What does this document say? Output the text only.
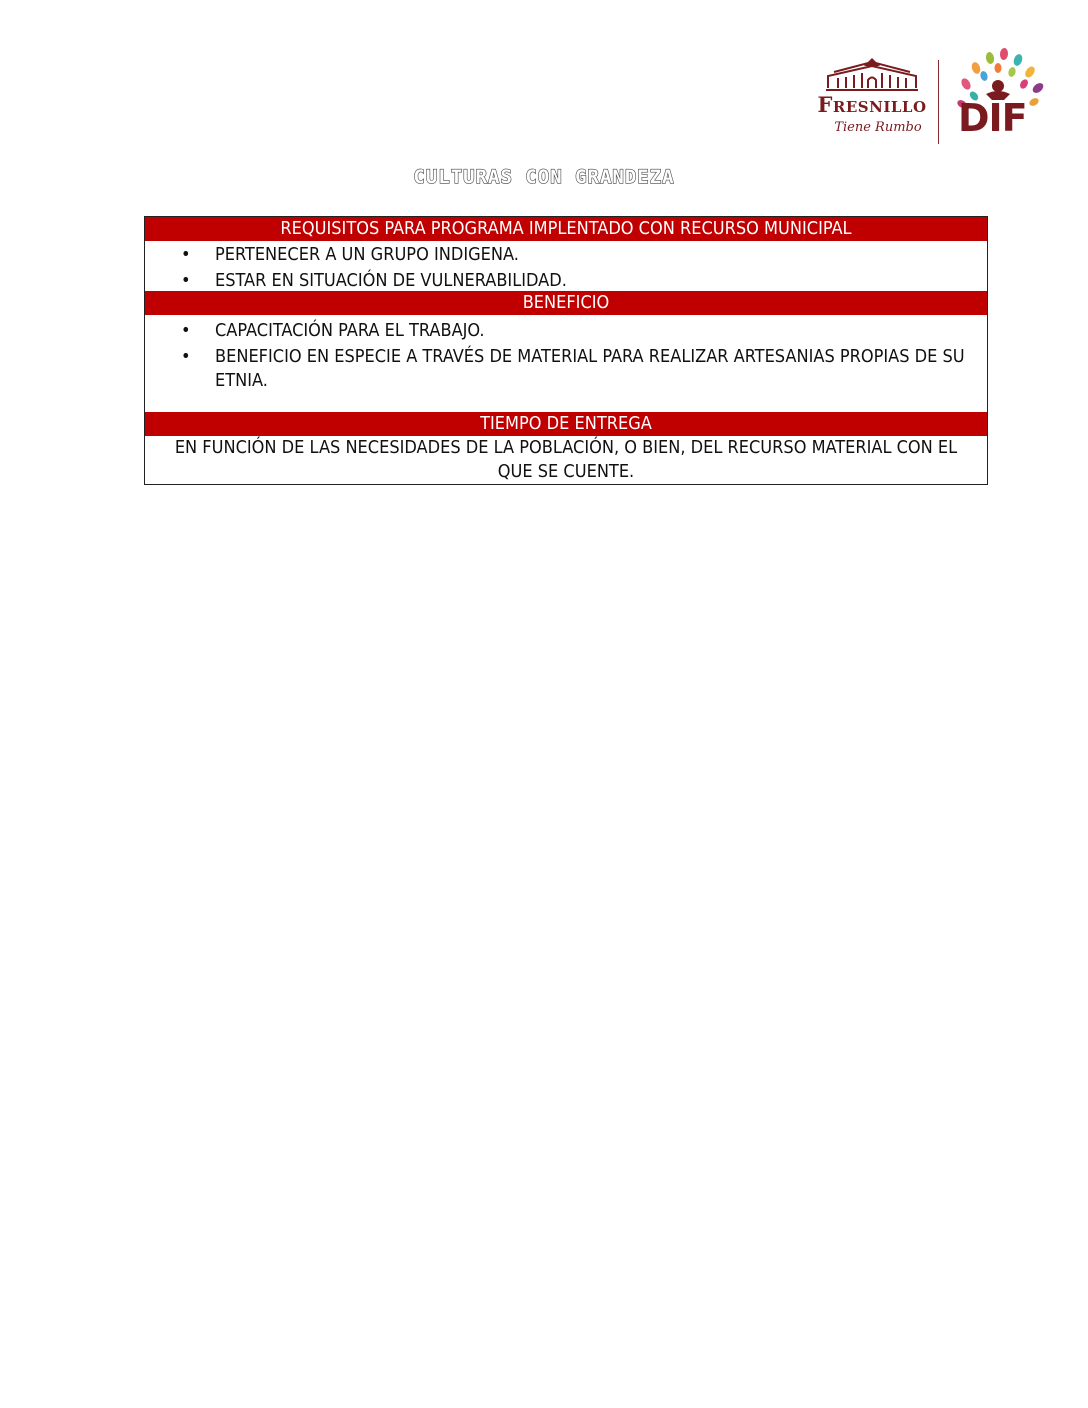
Fresnillo
Tiene Rumbo DIF
CULTURAS CON GRANDEZA
REQUISITOS PARA PROGRAMA IMPLENTADO CON RECURSO MUNICIPAL
• PERTENECER A UN GRUPO INDIGENA.
• ESTAR EN SITUACIÓN DE VULNERABILIDAD.
BENEFICIO
• CAPACITACIÓN PARA EL TRABAJO.
• BENEFICIO EN ESPECIE A TRAVÉS DE MATERIAL PARA REALIZAR ARTESANIAS PROPIAS DE SU ETNIA.
TIEMPO DE ENTREGA
EN FUNCIÓN DE LAS NECESIDADES DE LA POBLACIÓN, O BIEN, DEL RECURSO MATERIAL CON EL QUE SE CUENTE.
